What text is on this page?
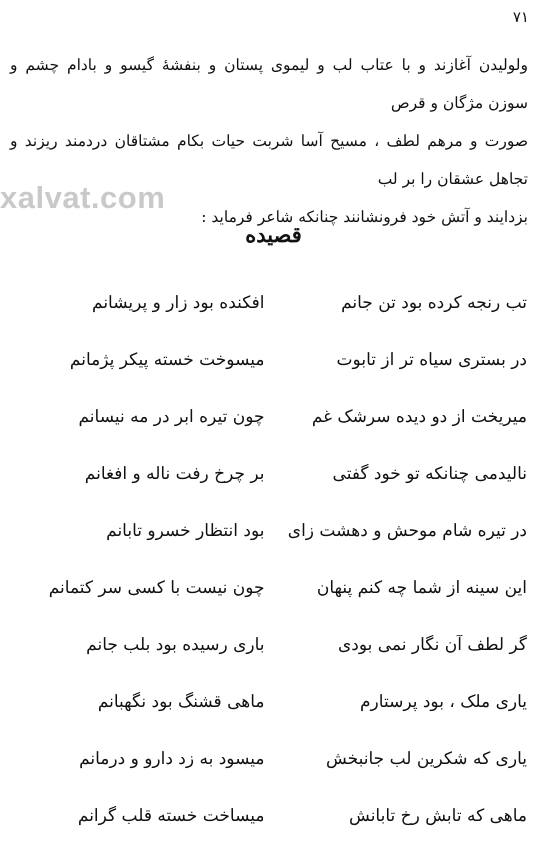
۷۱

ولولیدن آغازند و با عتاب لب و لیموی پستان و بنفشهٔ گیسو و بادام چشم و سوزن مژگان و قرص

صورت و مرهم لطف ، مسیح آسا شربت حیات بکام مشتاقان دردمند ریزند و تجاهل عشقان را بر لب

بزدایند و آتش خود فرونشانند چنانکه شاعر فرماید :

xalvat.com
قصیده
تب رنجه کرده بود تن جانم
افکنده بود زار و پریشانم
در بستری سیاه تر از تابوت
میسوخت خسته پیکر پژمانم
میریخت از دو دیده سرشک غم
چون تیره ابر در مه نیسانم
نالیدمی چنانکه تو خود گفتی
بر چرخ رفت ناله و افغانم
در تیره شام موحش و دهشت زای
بود انتظار خسرو تابانم
این سینه از شما چه کنم پنهان
چون نیست با کسی سر کتمانم
گر لطف آن نگار نمی بودی
باری رسیده بود بلب جانم
یاری ملک ، بود پرستارم
ماهی قشنگ بود نگهبانم
یاری که شکرین لب جانبخش
میسود به زد دارو و درمانم
ماهی که تابش رخ تابانش
میساخت خسته قلب گرانم
